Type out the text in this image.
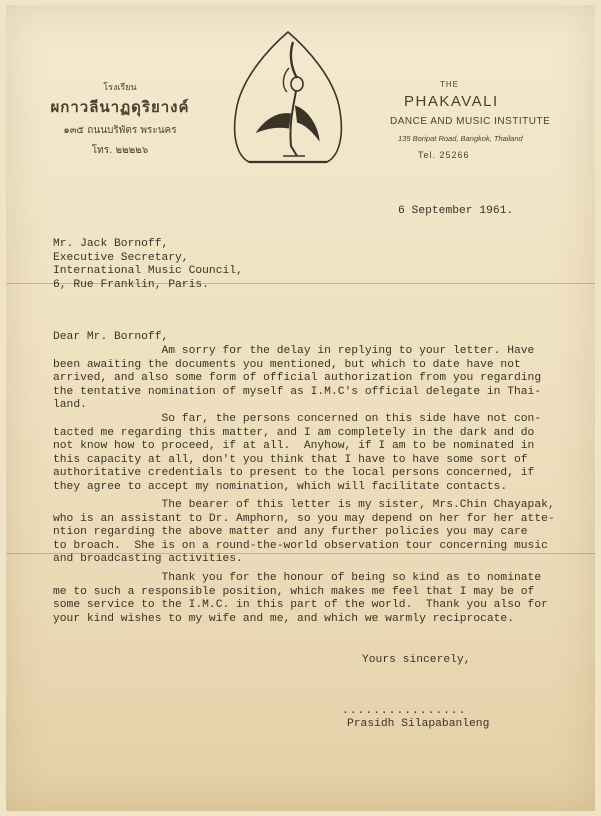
โรงเรียน
ผกาวลีนาฏดุริยางค์
๑๓๕ ถนนบริพัตร พระนคร
โทร. ๒๒๒๒๖
THE
PHAKAVALI
DANCE AND MUSIC INSTITUTE
135 Boripat Road, Bangkok, Thailand
Tel. 25266
6 September 1961.
Mr. Jack Bornoff,
Executive Secretary,
International Music Council,
6, Rue Franklin, Paris.
Dear Mr. Bornoff,
Am sorry for the delay in replying to your letter. Have
been awaiting the documents you mentioned, but which to date have not
arrived, and also some form of official authorization from you regarding
the tentative nomination of myself as I.M.C's official delegate in Thai-
land.
So far, the persons concerned on this side have not con-
tacted me regarding this matter, and I am completely in the dark and do
not know how to proceed, if at all.  Anyhow, if I am to be nominated in
this capacity at all, don't you think that I have to have some sort of
authoritative credentials to present to the local persons concerned, if
they agree to accept my nomination, which will facilitate contacts.
The bearer of this letter is my sister, Mrs.Chin Chayapak,
who is an assistant to Dr. Amphorn, so you may depend on her for her atte-
ntion regarding the above matter and any further policies you may care
to broach.  She is on a round-the-world observation tour concerning music
and broadcasting activities.
Thank you for the honour of being so kind as to nominate
me to such a responsible position, which makes me feel that I may be of
some service to the I.M.C. in this part of the world.  Thank you also for
your kind wishes to my wife and me, and which we warmly reciprocate.
Yours sincerely,
................
Prasidh Silapabanleng
